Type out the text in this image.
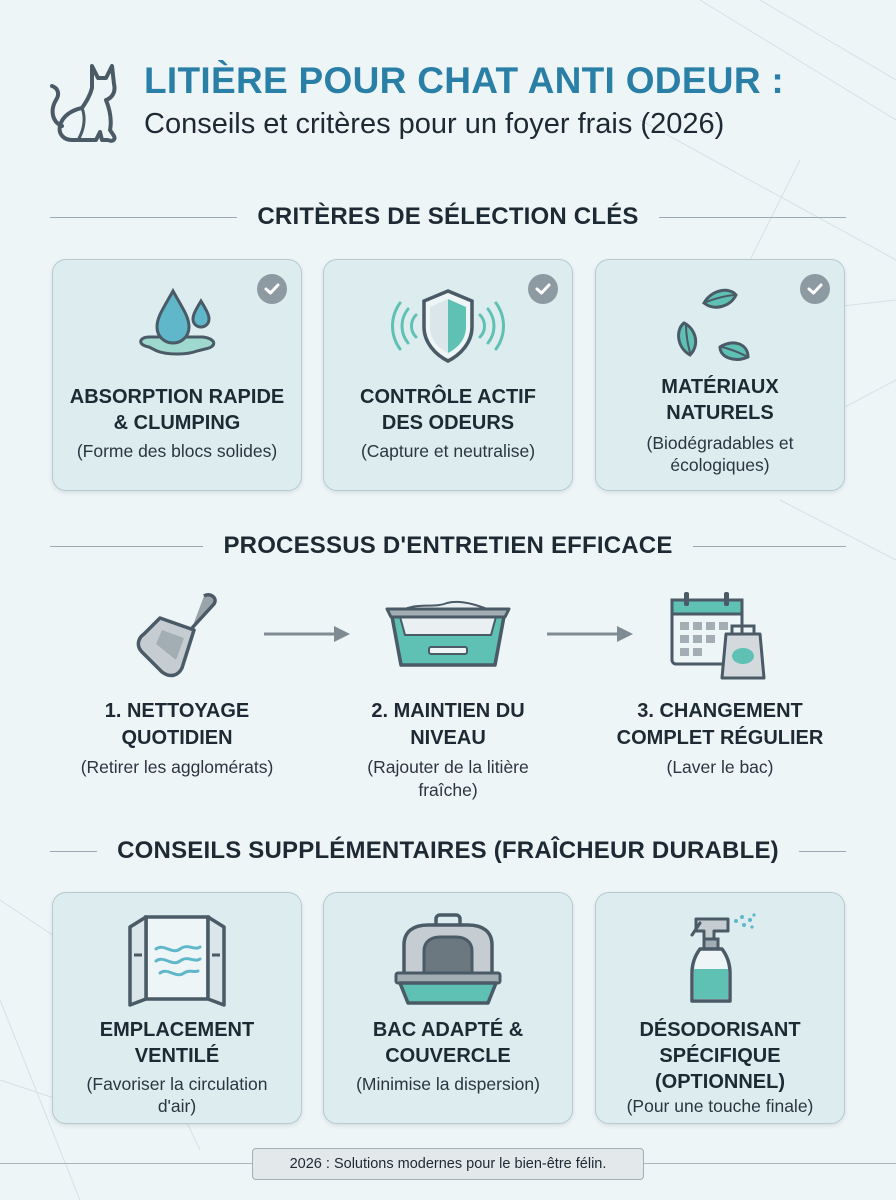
LITIÈRE POUR CHAT ANTI ODEUR :
Conseils et critères pour un foyer frais (2026)
CRITÈRES DE SÉLECTION CLÉS
ABSORPTION RAPIDE
& CLUMPING
(Forme des blocs solides)
CONTRÔLE ACTIF
DES ODEURS
(Capture et neutralise)
MATÉRIAUX
NATURELS
(Biodégradables et
écologiques)
PROCESSUS D'ENTRETIEN EFFICACE
1. NETTOYAGE
QUOTIDIEN
(Retirer les agglomérats)
2. MAINTIEN DU
NIVEAU
(Rajouter de la litière
fraîche)
3. CHANGEMENT
COMPLET RÉGULIER
(Laver le bac)
CONSEILS SUPPLÉMENTAIRES (FRAÎCHEUR DURABLE)
EMPLACEMENT
VENTILÉ
(Favoriser la circulation
d'air)
BAC ADAPTÉ &
COUVERCLE
(Minimise la dispersion)
DÉSODORISANT
SPÉCIFIQUE
(OPTIONNEL)
(Pour une touche finale)
2026 : Solutions modernes pour le bien-être félin.
